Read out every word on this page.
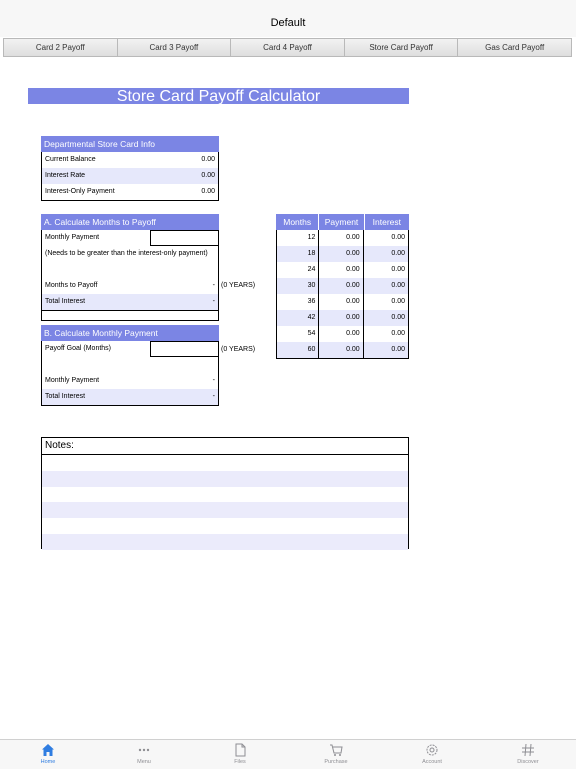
Default
Card 2 Payoff	Card 3 Payoff	Card 4 Payoff	Store Card Payoff	Gas Card Payoff
Store Card Payoff Calculator
Departmental Store Card Info
Current Balance	0.00
Interest Rate	0.00
Interest-Only Payment	0.00
A. Calculate Months to Payoff
Monthly Payment
(Needs to be greater than the interest-only payment)
Months to Payoff	-
Total Interest	-
(0 YEARS)
B. Calculate Monthly Payment
Payoff Goal (Months)
Monthly Payment	-
Total Interest	-
(0 YEARS)
Months	Payment	Interest
12	0.00	0.00
18	0.00	0.00
24	0.00	0.00
30	0.00	0.00
36	0.00	0.00
42	0.00	0.00
54	0.00	0.00
60	0.00	0.00
Notes:
Home	Menu	Files	Purchase	Account	Discover
